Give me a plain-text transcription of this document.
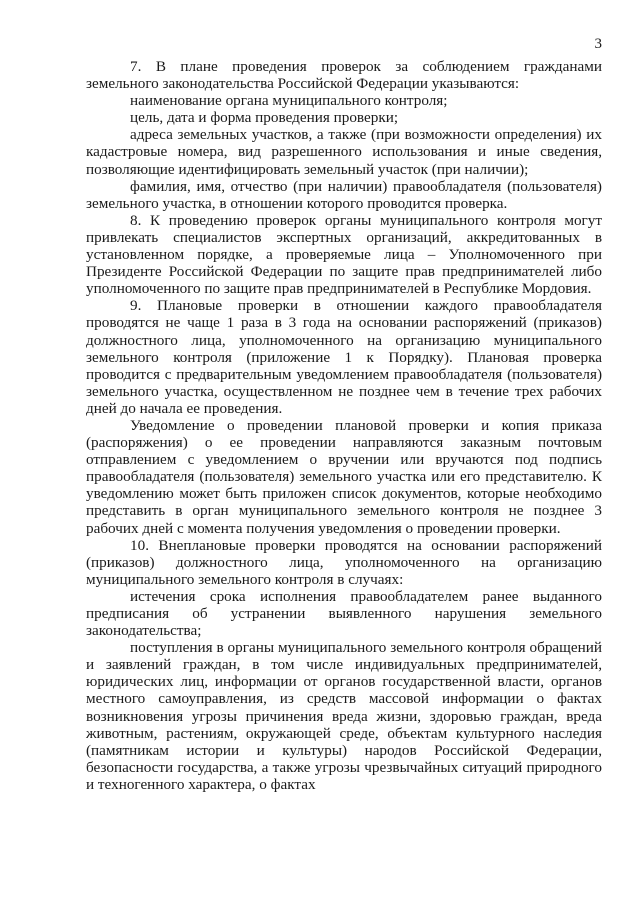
3

7. В плане проведения проверок за соблюдением гражданами земельного законодательства Российской Федерации указываются:

наименование органа муниципального контроля;

цель, дата и форма проведения проверки;

адреса земельных участков, а также (при возможности определения) их кадастровые номера, вид разрешенного использования и иные сведения, позволяющие идентифицировать земельный участок (при наличии);

фамилия, имя, отчество (при наличии) правообладателя (пользователя) земельного участка, в отношении которого проводится проверка.

8. К проведению проверок органы муниципального контроля могут привлекать специалистов экспертных организаций, аккредитованных в установленном порядке, а проверяемые лица – Уполномоченного при Президенте Российской Федерации по защите прав предпринимателей либо уполномоченного по защите прав предпринимателей в Республике Мордовия.

9. Плановые проверки в отношении каждого правообладателя проводятся не чаще 1 раза в 3 года на основании распоряжений (приказов) должностного лица, уполномоченного на организацию муниципального земельного контроля (приложение 1 к Порядку). Плановая проверка проводится с предварительным уведомлением правообладателя (пользователя) земельного участка, осуществленном не позднее чем в течение трех рабочих дней до начала ее проведения.

Уведомление о проведении плановой проверки и копия приказа (распоряжения) о ее проведении направляются заказным почтовым отправлением с уведомлением о вручении или вручаются под подпись правообладателя (пользователя) земельного участка или его представителю. К уведомлению может быть приложен список документов, которые необходимо представить в орган муниципального земельного контроля не позднее 3 рабочих дней с момента получения уведомления о проведении проверки.

10. Внеплановые проверки проводятся на основании распоряжений (приказов) должностного лица, уполномоченного на организацию муниципального земельного контроля в случаях:

истечения срока исполнения правообладателем ранее выданного предписания об устранении выявленного нарушения земельного законодательства;

поступления в органы муниципального земельного контроля обращений и заявлений граждан, в том числе индивидуальных предпринимателей, юридических лиц, информации от органов государственной власти, органов местного самоуправления, из средств массовой информации о фактах возникновения угрозы причинения вреда жизни, здоровью граждан, вреда животным, растениям, окружающей среде, объектам культурного наследия (памятникам истории и культуры) народов Российской Федерации, безопасности государства, а также угрозы чрезвычайных ситуаций природного и техногенного характера, о фактах
